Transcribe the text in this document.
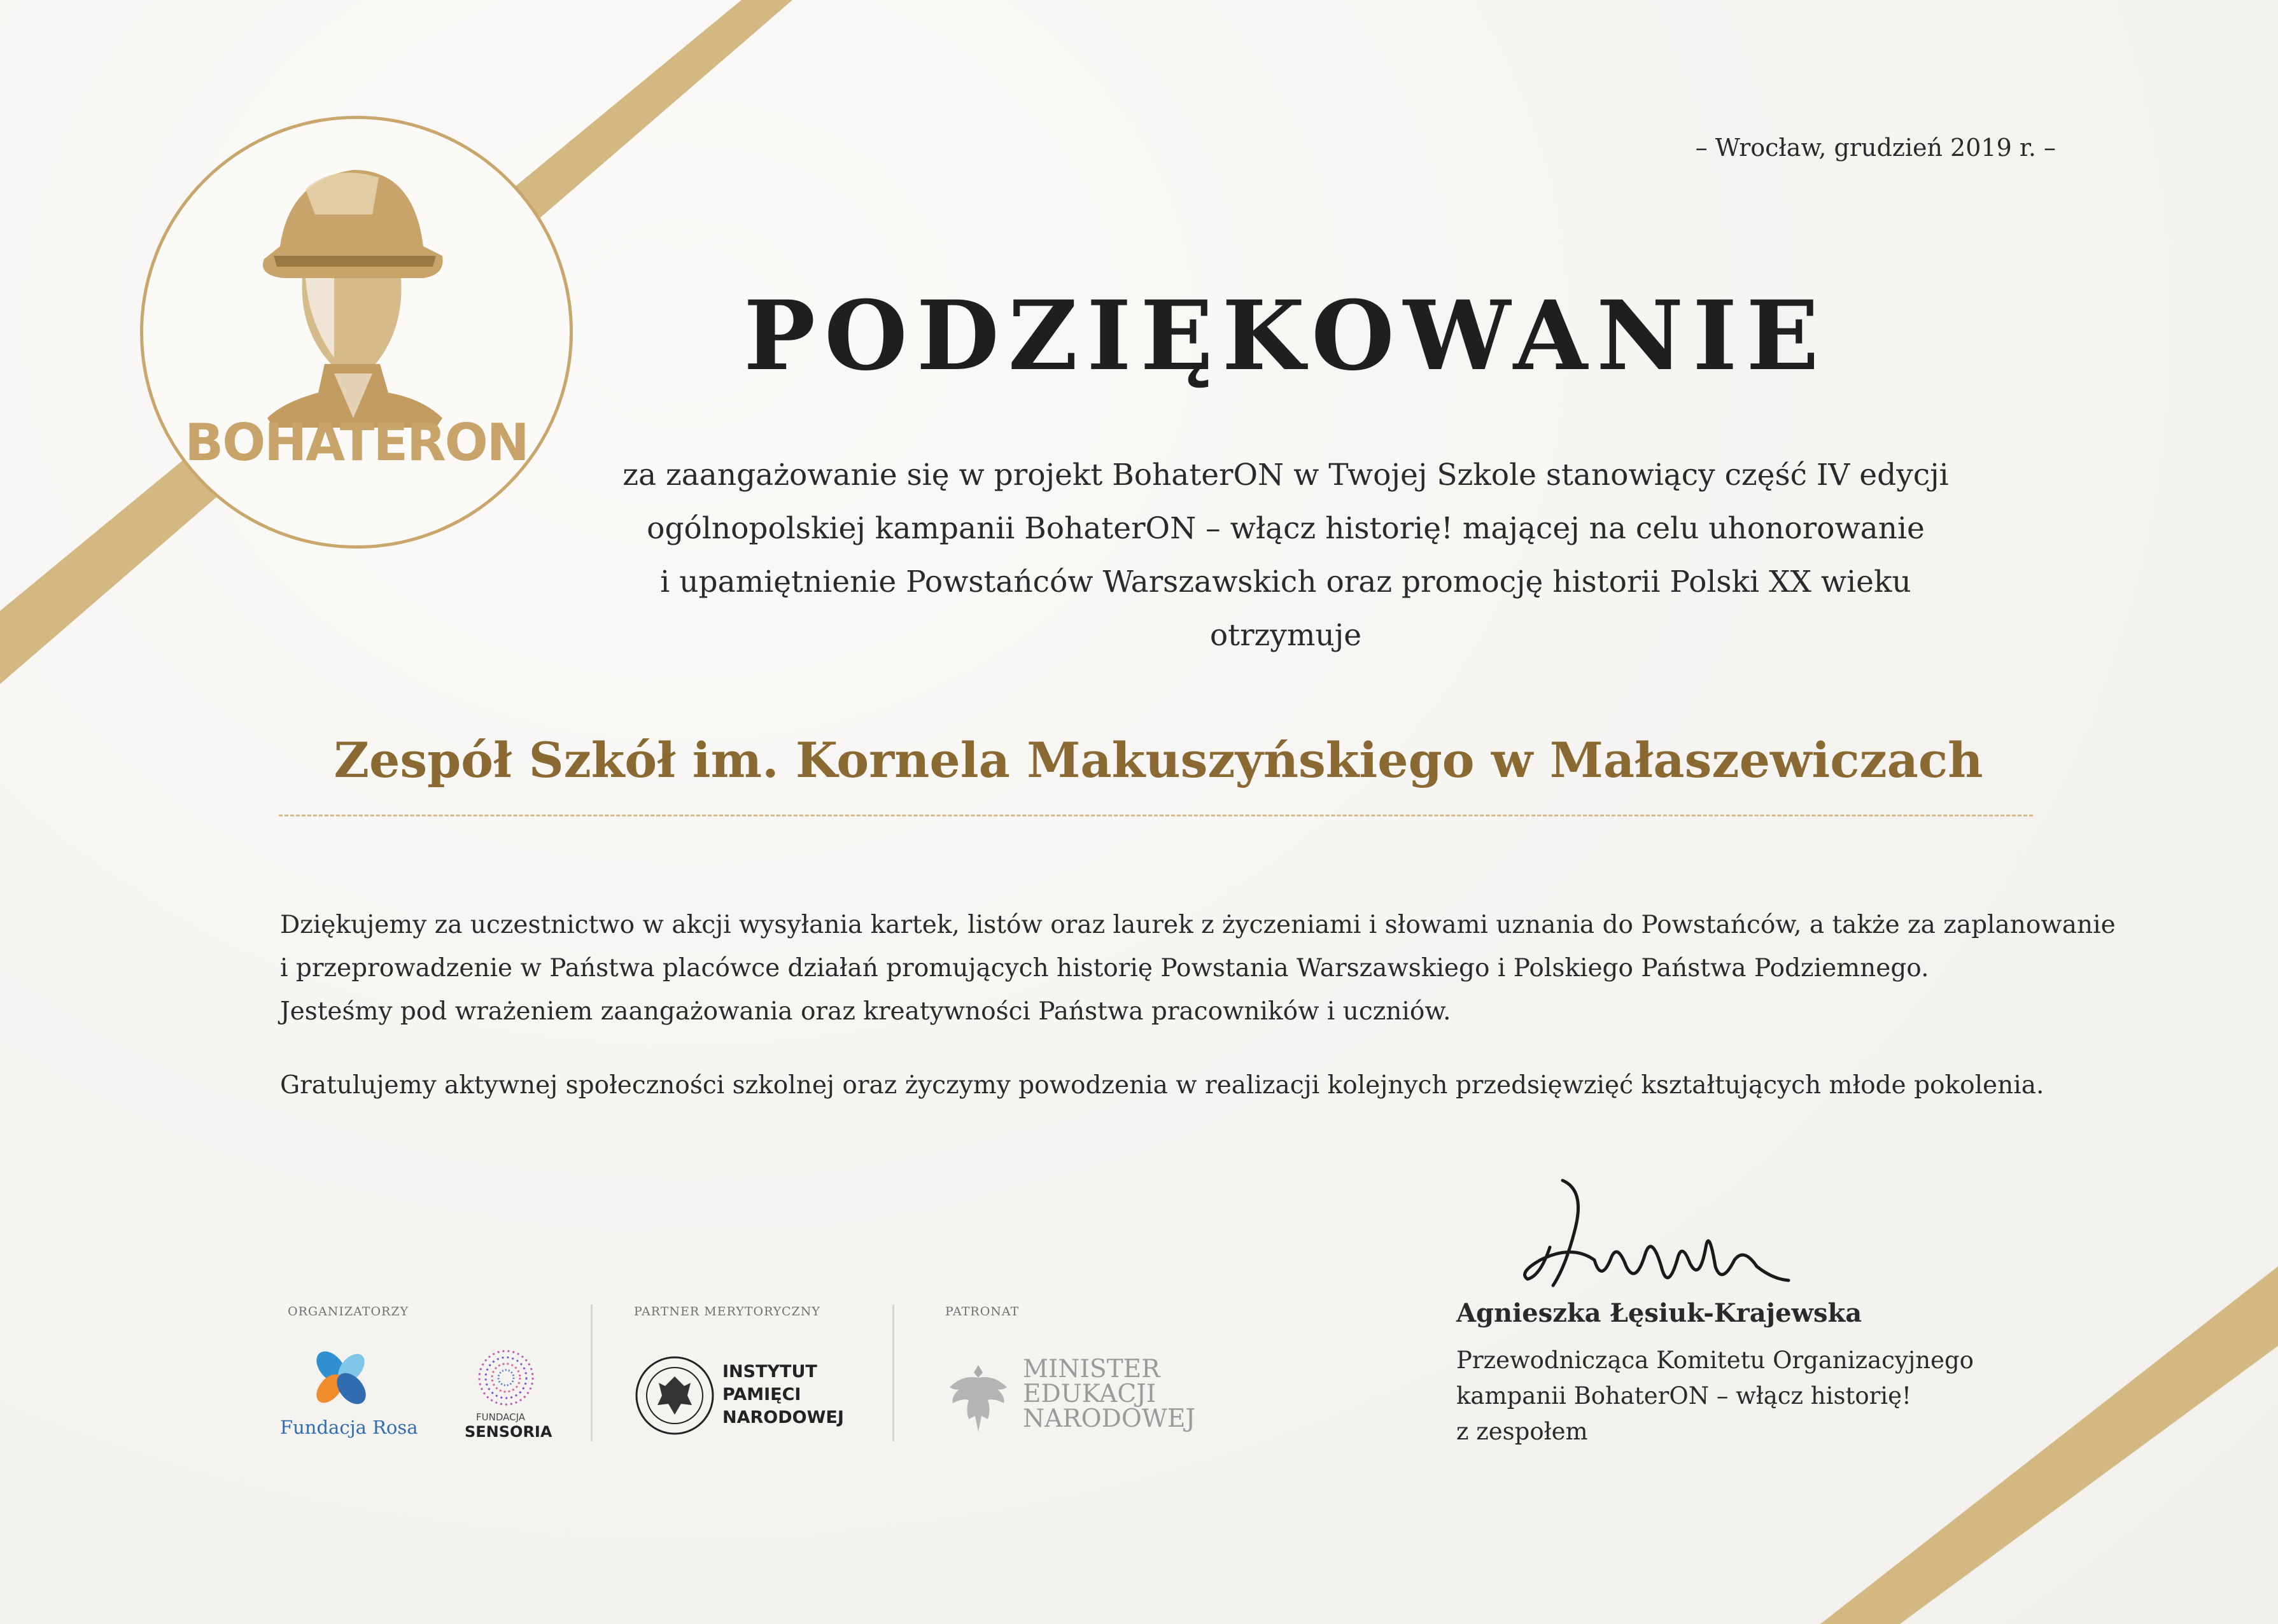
BOHATERON
– Wrocław, grudzień 2019 r. –
PODZIĘKOWANIE
za zaangażowanie się w projekt BohaterON w Twojej Szkole stanowiący część IV edycji
ogólnopolskiej kampanii BohaterON – włącz historię! mającej na celu uhonorowanie
i upamiętnienie Powstańców Warszawskich oraz promocję historii Polski XX wieku
otrzymuje
Zespół Szkół im. Kornela Makuszyńskiego w Małaszewiczach

Dziękujemy za uczestnictwo w akcji wysyłania kartek, listów oraz laurek z życzeniami i słowami uznania do Powstańców, a także za zaplanowanie

i przeprowadzenie w Państwa placówce działań promujących historię Powstania Warszawskiego i Polskiego Państwa Podziemnego.

Jesteśmy pod wrażeniem zaangażowania oraz kreatywności Państwa pracowników i uczniów.

Gratulujemy aktywnej społeczności szkolnej oraz życzymy powodzenia w realizacji kolejnych przedsięwzięć kształtujących młode pokolenia.

Agnieszka Łęsiuk-Krajewska
Przewodnicząca Komitetu Organizacyjnego
kampanii BohaterON – włącz historię!
z zespołem
ORGANIZATORZY
Fundacja Rosa	FUNDACJA
SENSORIA
PARTNER MERYTORYCZNY
INSTYTUT
PAMIĘCI
NARODOWEJ
PATRONAT
MINISTER
EDUKACJI
NARODOWEJ
